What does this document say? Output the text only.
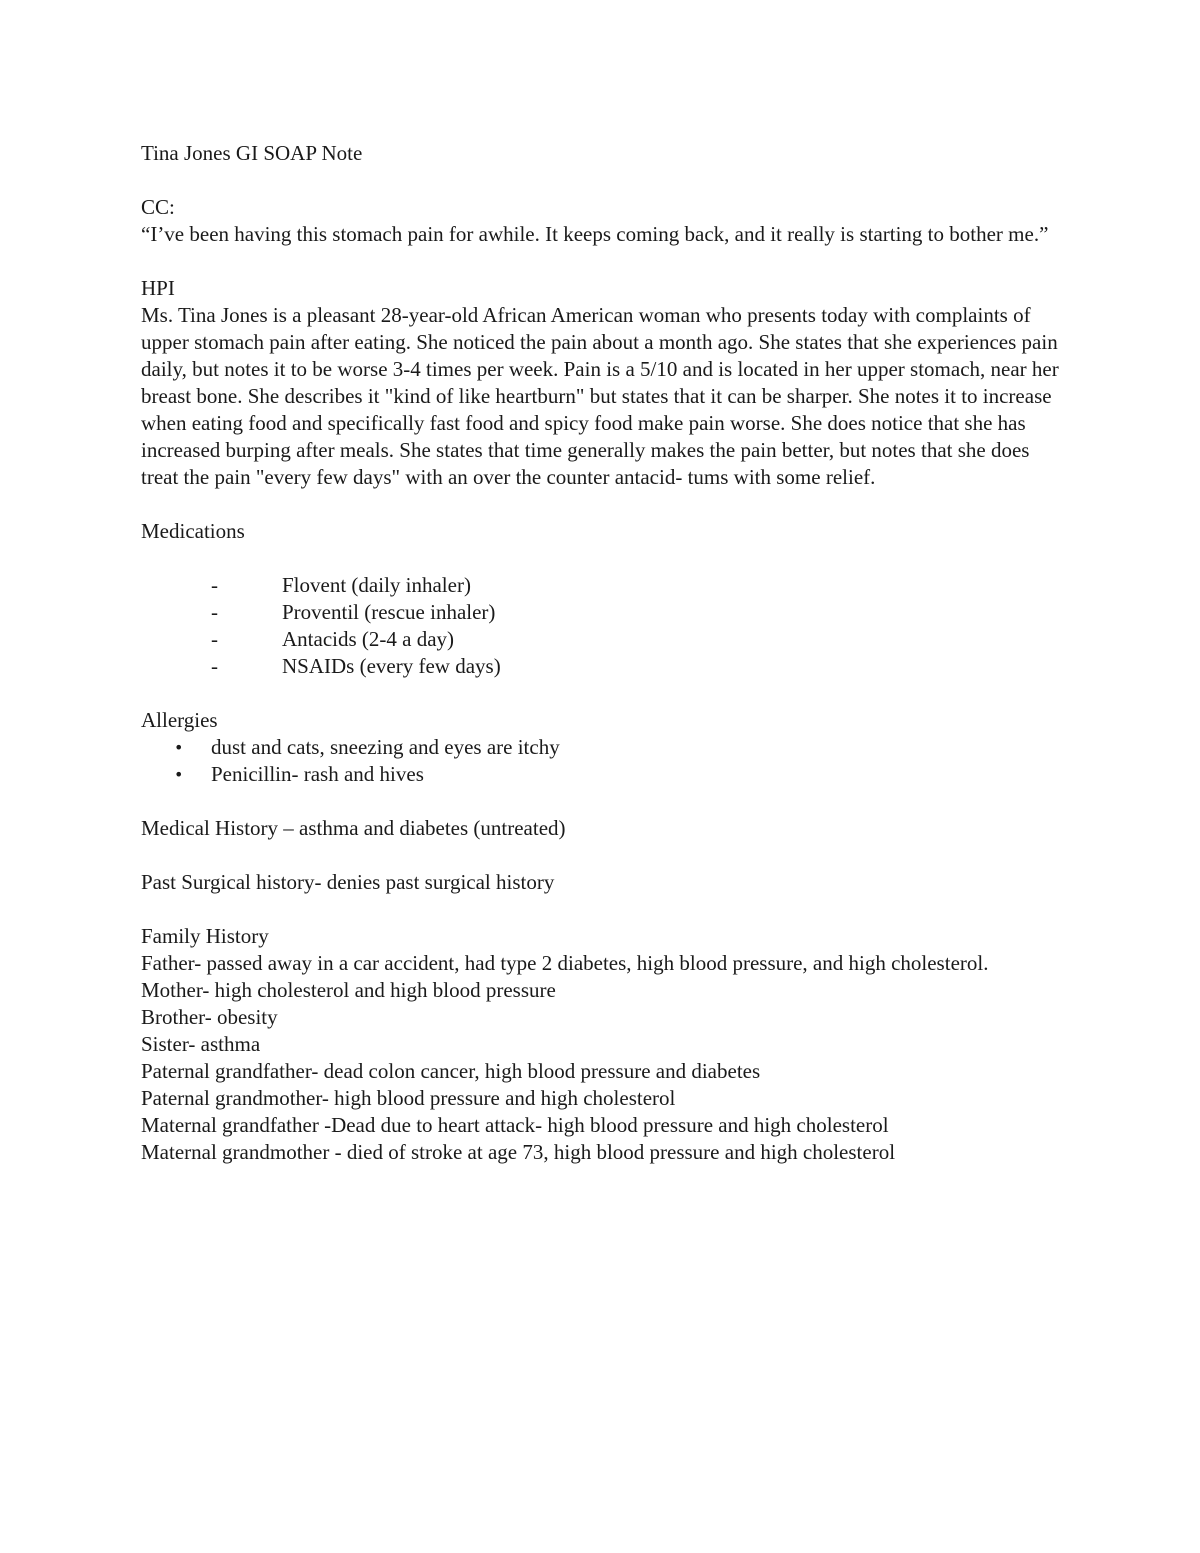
Tina Jones GI SOAP Note
CC:
“I’ve been having this stomach pain for awhile. It keeps coming back, and it really is starting to bother me.”
HPI
Ms. Tina Jones is a pleasant 28-year-old African American woman who presents today with complaints of upper stomach pain after eating. She noticed the pain about a month ago. She states that she experiences pain daily, but notes it to be worse 3-4 times per week. Pain is a 5/10 and is located in her upper stomach, near her breast bone. She describes it "kind of like heartburn" but states that it can be sharper. She notes it to increase when eating food and specifically fast food and spicy food make pain worse. She does notice that she has increased burping after meals. She states that time generally makes the pain better, but notes that she does treat the pain "every few days" with an over the counter antacid- tums with some relief.
Medications
-	Flovent (daily inhaler)
-	Proventil (rescue inhaler)
-	Antacids (2-4 a day)
-	NSAIDs (every few days)
Allergies
• dust and cats, sneezing and eyes are itchy
• Penicillin- rash and hives
Medical History – asthma and diabetes (untreated)
Past Surgical history- denies past surgical history
Family History
Father- passed away in a car accident, had type 2 diabetes, high blood pressure, and high cholesterol.
Mother- high cholesterol and high blood pressure
Brother- obesity
Sister- asthma
Paternal grandfather- dead colon cancer, high blood pressure and diabetes
Paternal grandmother- high blood pressure and high cholesterol
Maternal grandfather -Dead due to heart attack- high blood pressure and high cholesterol
Maternal grandmother - died of stroke at age 73, high blood pressure and high cholesterol
